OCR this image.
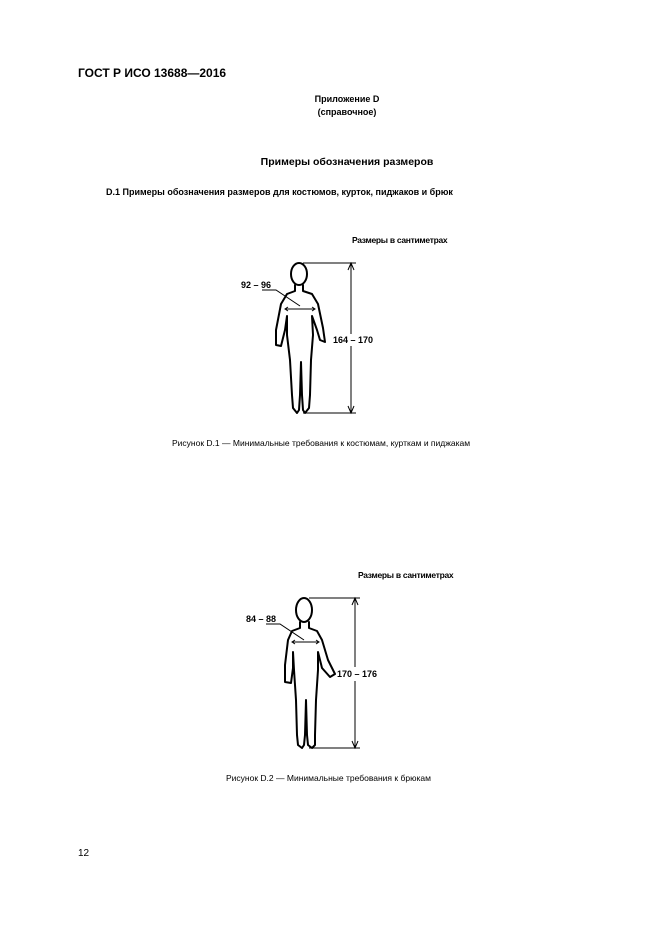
ГОСТ Р ИСО 13688—2016
Приложение D
(справочное)
Примеры обозначения размеров
D.1 Примеры обозначения размеров для костюмов, курток, пиджаков и брюк
Размеры в сантиметрах
92 – 96
164 – 170
Рисунок D.1 — Минимальные требования к костюмам, курткам и пиджакам
Размеры в сантиметрах
84 – 88
170 – 176
Рисунок D.2 — Минимальные требования к брюкам
12
